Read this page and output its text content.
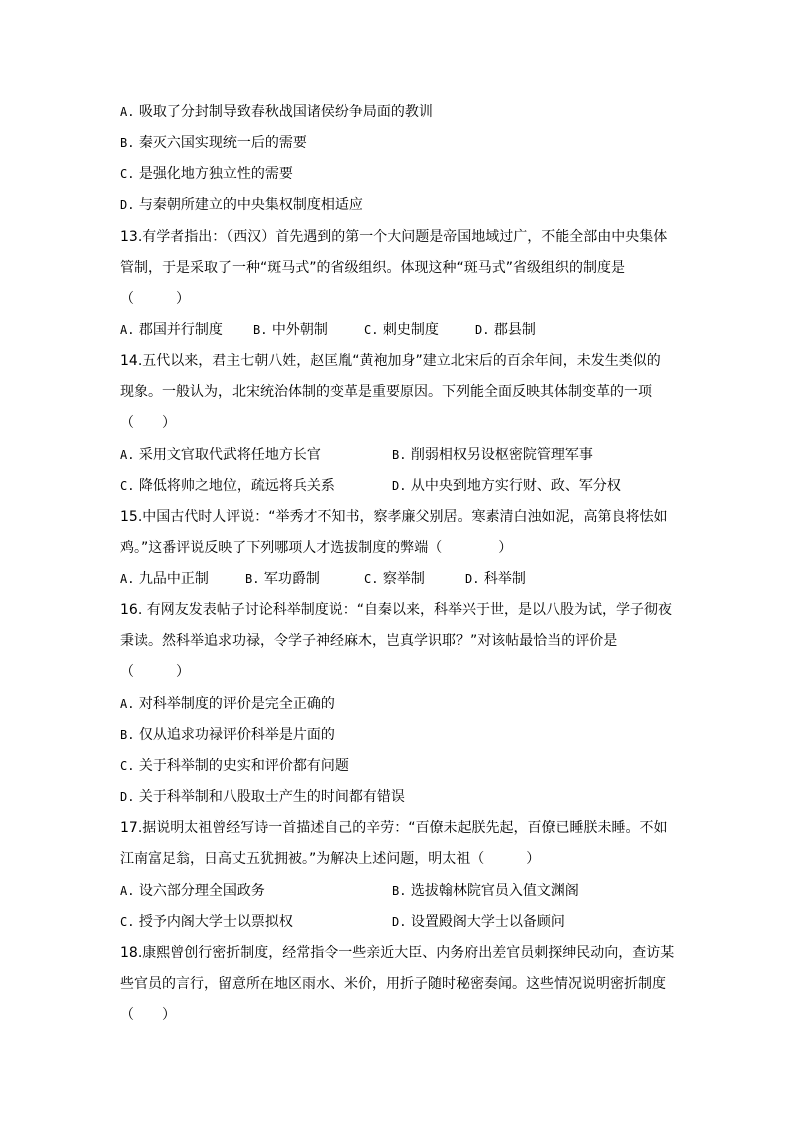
A. 吸取了分封制导致春秋战国诸侯纷争局面的教训
B. 秦灭六国实现统一后的需要
C. 是强化地方独立性的需要
D. 与秦朝所建立的中央集权制度相适应
13.有学者指出：（西汉）首先遇到的第一个大问题是帝国地域过广，不能全部由中央集体
管制，于是采取了一种“斑马式”的省级组织。体现这种“斑马式”省级组织的制度是
（　　　）
A. 郡国并行制度	B. 中外朝制	C. 刺史制度	D. 郡县制
14.五代以来，君主七朝八姓，赵匡胤“黄袍加身”建立北宋后的百余年间，未发生类似的
现象。一般认为，北宋统治体制的变革是重要原因。下列能全面反映其体制变革的一项
（　　）
A. 采用文官取代武将任地方长官	B. 削弱相权另设枢密院管理军事
C. 降低将帅之地位，疏远将兵关系	D. 从中央到地方实行财、政、军分权
15.中国古代时人评说：“举秀才不知书，察孝廉父别居。寒素清白浊如泥，高第良将怯如
鸡。”这番评说反映了下列哪项人才选拔制度的弊端（　　　　）
A. 九品中正制	B. 军功爵制	C. 察举制	D. 科举制
16. 有网友发表帖子讨论科举制度说：“自秦以来，科举兴于世，是以八股为试，学子彻夜
秉读。然科举追求功禄，令学子神经麻木，岂真学识耶？”对该帖最恰当的评价是
（　　　）
A. 对科举制度的评价是完全正确的
B. 仅从追求功禄评价科举是片面的
C. 关于科举制的史实和评价都有问题
D. 关于科举制和八股取士产生的时间都有错误
17.据说明太祖曾经写诗一首描述自己的辛劳：“百僚未起朕先起，百僚已睡朕未睡。不如
江南富足翁，日高丈五犹拥被。”为解决上述问题，明太祖（　　　）
A. 设六部分理全国政务	B. 选拔翰林院官员入值文渊阁
C. 授予内阁大学士以票拟权	D. 设置殿阁大学士以备顾问
18.康熙曾创行密折制度，经常指令一些亲近大臣、内务府出差官员刺探绅民动向，查访某
些官员的言行，留意所在地区雨水、米价，用折子随时秘密奏闻。这些情况说明密折制度
（　　）
